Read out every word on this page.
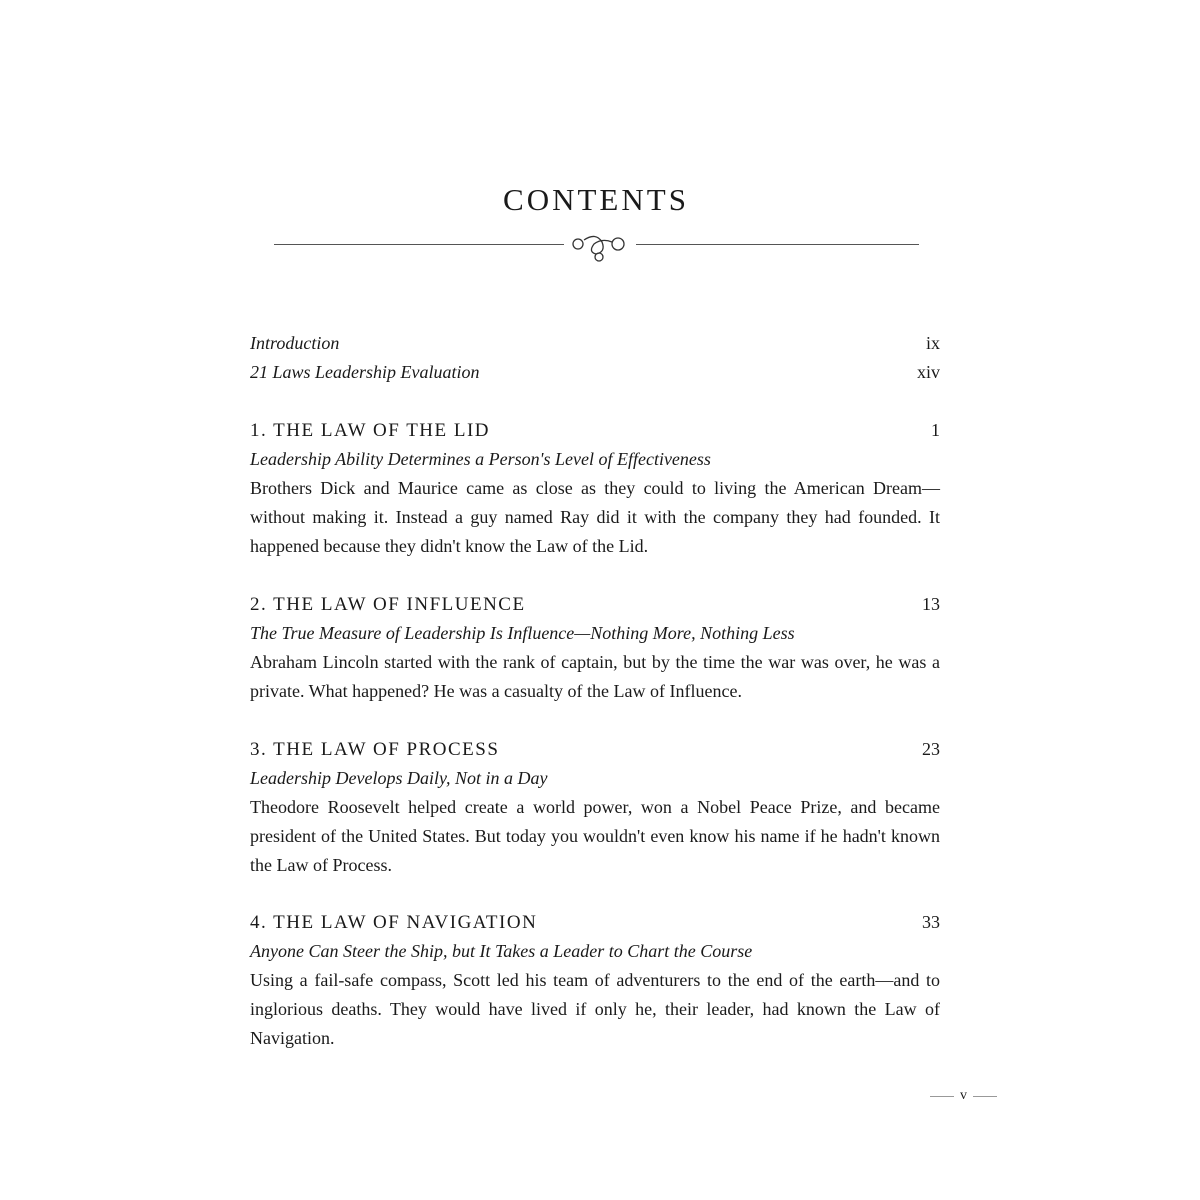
CONTENTS
Introduction	ix
21 Laws Leadership Evaluation	xiv
1. THE LAW OF THE LID	1
Leadership Ability Determines a Person's Level of Effectiveness
Brothers Dick and Maurice came as close as they could to living the American Dream—without making it. Instead a guy named Ray did it with the company they had founded. It happened because they didn't know the Law of the Lid.
2. THE LAW OF INFLUENCE	13
The True Measure of Leadership Is Influence—Nothing More, Nothing Less
Abraham Lincoln started with the rank of captain, but by the time the war was over, he was a private. What happened? He was a casualty of the Law of Influence.
3. THE LAW OF PROCESS	23
Leadership Develops Daily, Not in a Day
Theodore Roosevelt helped create a world power, won a Nobel Peace Prize, and became president of the United States. But today you wouldn't even know his name if he hadn't known the Law of Process.
4. THE LAW OF NAVIGATION	33
Anyone Can Steer the Ship, but It Takes a Leader to Chart the Course
Using a fail-safe compass, Scott led his team of adventurers to the end of the earth—and to inglorious deaths. They would have lived if only he, their leader, had known the Law of Navigation.
v
